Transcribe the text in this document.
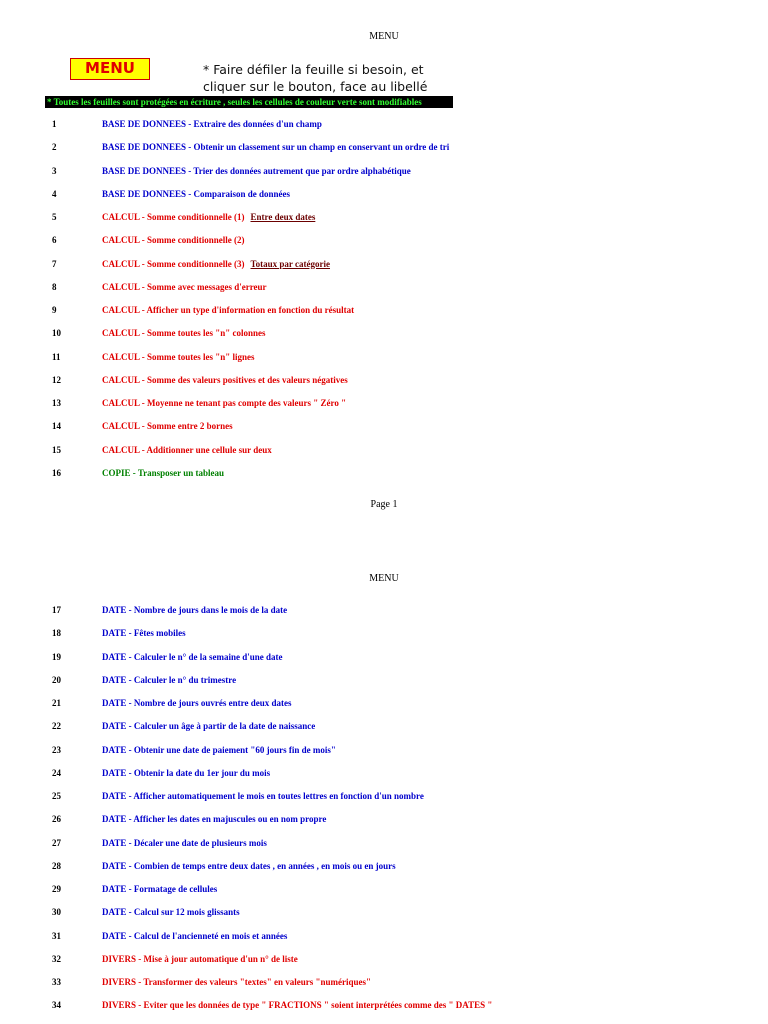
MENU
MENU	* Faire défiler la feuille si besoin, et cliquer sur le bouton, face au libellé
* Toutes les feuilles sont protégées en écriture , seules les cellules de couleur verte sont modifiables
Page 1
MENU
1	BASE DE DONNEES - Extraire des données d'un champ
2	BASE DE DONNEES - Obtenir un classement sur un champ en conservant un ordre de tri
3	BASE DE DONNEES - Trier des données autrement que par ordre alphabétique
4	BASE DE DONNEES - Comparaison de données
5	CALCUL - Somme conditionnelle (1) Entre deux dates
6	CALCUL - Somme conditionnelle (2)
7	CALCUL - Somme conditionnelle (3) Totaux par catégorie
8	CALCUL - Somme avec messages d'erreur
9	CALCUL - Afficher un type d'information en fonction du résultat
10	CALCUL - Somme toutes les "n" colonnes
11	CALCUL - Somme toutes les "n" lignes
12	CALCUL - Somme des valeurs positives et des valeurs négatives
13	CALCUL - Moyenne ne tenant pas compte des valeurs " Zéro "
14	CALCUL - Somme entre 2 bornes
15	CALCUL - Additionner une cellule sur deux
16	COPIE - Transposer un tableau
17	DATE - Nombre de jours dans le mois de la date
18	DATE - Fêtes mobiles
19	DATE - Calculer le n° de la semaine d'une date
20	DATE - Calculer le n° du trimestre
21	DATE - Nombre de jours ouvrés entre deux dates
22	DATE - Calculer un âge à partir de la date de naissance
23	DATE - Obtenir une date de paiement "60 jours fin de mois"
24	DATE - Obtenir la date du 1er jour du mois
25	DATE - Afficher automatiquement le mois en toutes lettres en fonction d'un nombre
26	DATE - Afficher les dates en majuscules ou en nom propre
27	DATE - Décaler une date de plusieurs mois
28	DATE - Combien de temps entre deux dates , en années , en mois ou en jours
29	DATE - Formatage de cellules
30	DATE - Calcul sur 12 mois glissants
31	DATE - Calcul de l'ancienneté en mois et années
32	DIVERS - Mise à jour automatique d'un n° de liste
33	DIVERS - Transformer des valeurs "textes" en valeurs "numériques"
34	DIVERS - Eviter que les données de type " FRACTIONS " soient interprétées comme des " DATES "
